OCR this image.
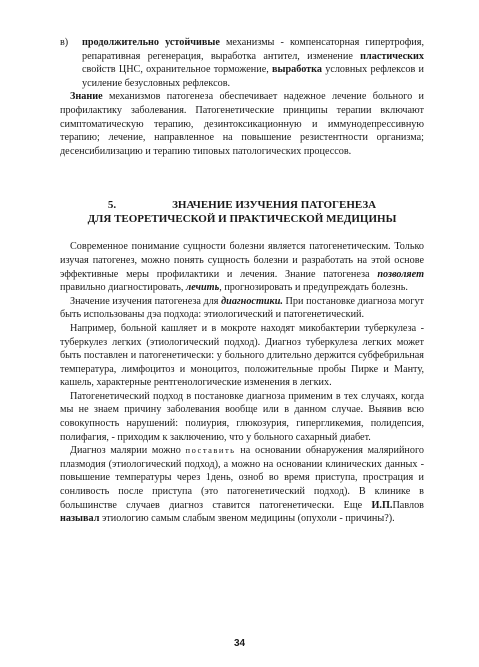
в)	продолжительно устойчивые механизмы - компенсаторная гипертрофия, репаративная регенерация, выработка антител, изменение пластических свойств ЦНС, охранительное торможение, выработка условных рефлексов и усиление безусловных рефлексов.

Знание механизмов патогенеза обеспечивает надежное лечение больного и профилактику заболевания. Патогенетические принципы терапии включают симптоматическую терапию, дезинтоксикационную и иммунодепрессивную терапию; лечение, направленное на повышение резистентности организма; десенсибилизацию и терапию типовых патологических процессов.

5.	ЗНАЧЕНИЕ ИЗУЧЕНИЯ ПАТОГЕНЕЗА

ДЛЯ ТЕОРЕТИЧЕСКОЙ И ПРАКТИЧЕСКОЙ МЕДИЦИНЫ

Современное понимание сущности болезни является патогенетическим. Только изучая патогенез, можно понять сущность болезни и разработать на этой основе эффективные меры профилактики и лечения. Знание патогенеза позволяет правильно диагностировать, лечить, прогнозировать и предупреждать болезнь.

Значение изучения патогенеза для диагностики. При постановке диагноза могут быть использованы дэа подхода: этиологический и патогенетический.

Например, больной кашляет и в мокроте находят микобактерии туберкулеза - туберкулез легких (этиологический подход). Диагноз туберкулеза легких может быть поставлен и патогенетически: у больного длительно держится субфебрильная температура, лимфоцитоз и моноцитоз, положительные пробы Пирке и Манту, кашель, характерные рентгенологические изменения в легких.

Патогенетический подход в постановке диагноза применим в тех случаях, когда мы не знаем причину заболевания вообще или в данном случае. Выявив всю совокупность нарушений: полиурия, глюкозурия, гипергликемия, полидепсия, полифагия, - приходим к заключению, что у больного сахарный диабет.

Диагноз малярии можно поставить на основании обнаружения малярийного плазмодия (этиологический подход), а можно на основании клинических данных - повышение температуры через 1день, озноб во время приступа, прострация и сонливость после приступа (это патогенетический подход). В клинике в большинстве случаев диагноз ставится патогенетически. Еще И.П.Павлов называл этиологию самым слабым звеном медицины (опухоли - причины?).

34
